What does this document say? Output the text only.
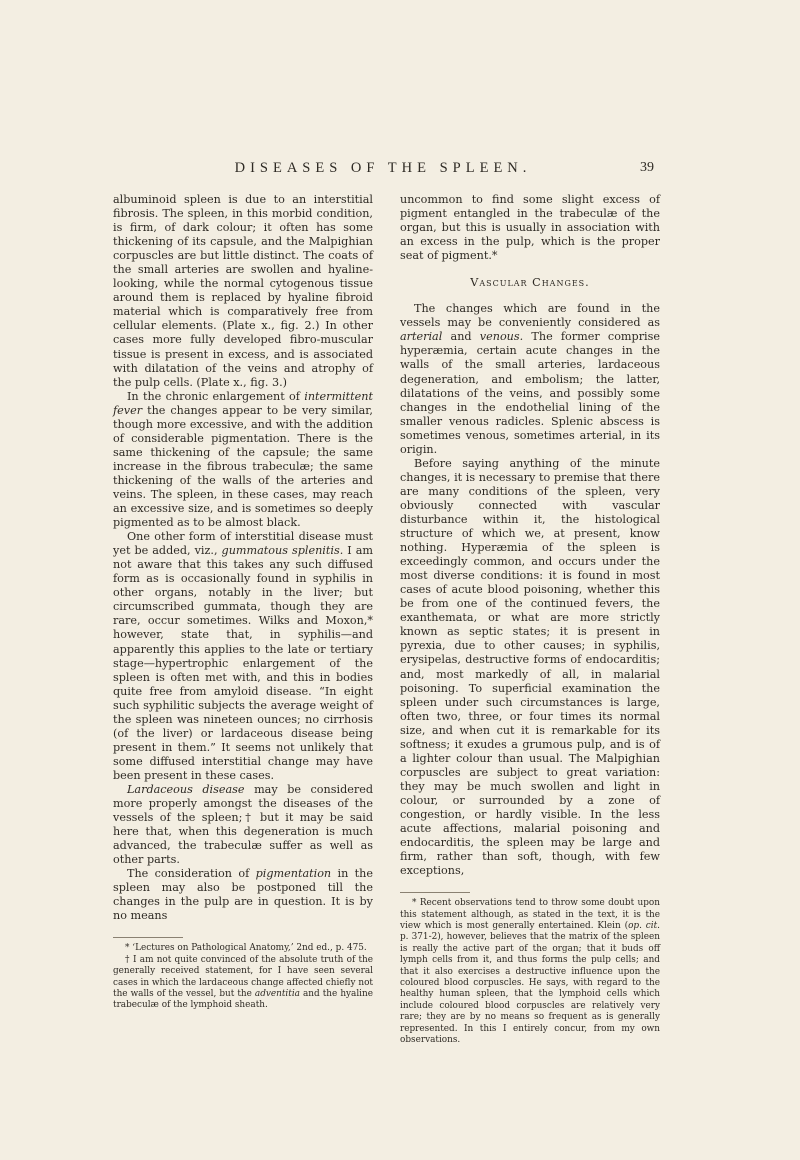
DISEASES OF THE SPLEEN.	39

albuminoid spleen is due to an interstitial fibrosis. The spleen, in this morbid condition, is firm, of dark colour; it often has some thickening of its capsule, and the Malpighian corpuscles are but little distinct. The coats of the small arteries are swollen and hyaline-looking, while the normal cytogenous tissue around them is replaced by hyaline fibroid material which is comparatively free from cellular elements. (Plate x., fig. 2.) In other cases more fully developed fibro-muscular tissue is present in excess, and is associated with dilatation of the veins and atrophy of the pulp cells. (Plate x., fig. 3.)

In the chronic enlargement of intermittent fever the changes appear to be very similar, though more excessive, and with the addition of considerable pigmentation. There is the same thickening of the capsule; the same increase in the fibrous trabeculæ; the same thickening of the walls of the arteries and veins. The spleen, in these cases, may reach an excessive size, and is sometimes so deeply pigmented as to be almost black.

One other form of interstitial disease must yet be added, viz., gummatous splenitis. I am not aware that this takes any such diffused form as is occasionally found in syphilis in other organs, notably in the liver; but circumscribed gummata, though they are rare, occur sometimes. Wilks and Moxon,* however, state that, in syphilis—and apparently this applies to the late or tertiary stage—hypertrophic enlargement of the spleen is often met with, and this in bodies quite free from amyloid disease. “In eight such syphilitic subjects the average weight of the spleen was nineteen ounces; no cirrhosis (of the liver) or lardaceous disease being present in them.” It seems not unlikely that some diffused interstitial change may have been present in these cases.

Lardaceous disease may be considered more properly amongst the diseases of the vessels of the spleen;† but it may be said here that, when this degeneration is much advanced, the trabeculæ suffer as well as other parts.

The consideration of pigmentation in the spleen may also be postponed till the changes in the pulp are in question. It is by no means

* ‘Lectures on Pathological Anatomy,’ 2nd ed., p. 475.

† I am not quite convinced of the absolute truth of the generally received statement, for I have seen several cases in which the lardaceous change affected chiefly not the walls of the vessel, but the adventitia and the hyaline trabeculæ of the lymphoid sheath.

uncommon to find some slight excess of pigment entangled in the trabeculæ of the organ, but this is usually in association with an excess in the pulp, which is the proper seat of pigment.*

Vascular Changes.

The changes which are found in the vessels may be conveniently considered as arterial and venous. The former comprise hyperæmia, certain acute changes in the walls of the small arteries, lardaceous degeneration, and embolism; the latter, dilatations of the veins, and possibly some changes in the endothelial lining of the smaller venous radicles. Splenic abscess is sometimes venous, sometimes arterial, in its origin.

Before saying anything of the minute changes, it is necessary to premise that there are many conditions of the spleen, very obviously connected with vascular disturbance within it, the histological structure of which we, at present, know nothing. Hyperæmia of the spleen is exceedingly common, and occurs under the most diverse conditions: it is found in most cases of acute blood poisoning, whether this be from one of the continued fevers, the exanthemata, or what are more strictly known as septic states; it is present in pyrexia, due to other causes; in syphilis, erysipelas, destructive forms of endocarditis; and, most markedly of all, in malarial poisoning. To superficial examination the spleen under such circumstances is large, often two, three, or four times its normal size, and when cut it is remarkable for its softness; it exudes a grumous pulp, and is of a lighter colour than usual. The Malpighian corpuscles are subject to great variation: they may be much swollen and light in colour, or surrounded by a zone of congestion, or hardly visible. In the less acute affections, malarial poisoning and endocarditis, the spleen may be large and firm, rather than soft, though, with few exceptions,

* Recent observations tend to throw some doubt upon this statement although, as stated in the text, it is the view which is most generally entertained. Klein (op. cit. p. 371-2), however, believes that the matrix of the spleen is really the active part of the organ; that it buds off lymph cells from it, and thus forms the pulp cells; and that it also exercises a destructive influence upon the coloured blood corpuscles. He says, with regard to the healthy human spleen, that the lymphoid cells which include coloured blood corpuscles are relatively very rare; they are by no means so frequent as is generally represented. In this I entirely concur, from my own observations.
